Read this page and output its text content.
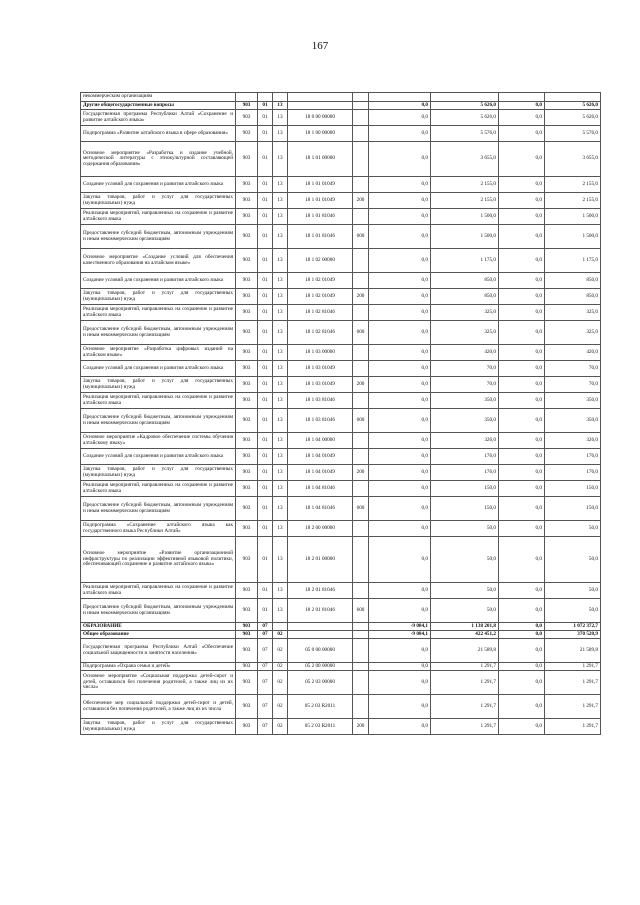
167
некоммерческим организациям									
Другие общегосударственные вопросы	903	01	13			0,0	5 626,0	0,0	5 626,0
Государственная программа Республики Алтай «Сохранение и развитие алтайского языка»	903	01	13	18 0 00 00000		0,0	5 626,0	0,0	5 626,0
Подпрограмма «Развитие алтайского языка в сфере образования»	903	01	13	18 1 00 00000		0,0	5 576,0	0,0	5 576,0
Основное мероприятие «Разработка и издание учебной, методической литературы с этнокультурной составляющей содержания образования»	903	01	13	18 1 01 00000		0,0	3 655,0	0,0	3 655,0
Создание условий для сохранения и развития алтайского языка	903	01	13	18 1 01 01049		0,0	2 155,0	0,0	2 155,0
Закупка товаров, работ и услуг для государственных (муниципальных) нужд	903	01	13	18 1 01 01049	200	0,0	2 155,0	0,0	2 155,0
Реализация мероприятий, направленных на сохранение и развитие алтайского языка	903	01	13	18 1 01 81046		0,0	1 500,0	0,0	1 500,0
Предоставление субсидий бюджетным, автономным учреждениям и иным некоммерческим организациям	903	01	13	18 1 01 81046	600	0,0	1 500,0	0,0	1 500,0
Основное мероприятие «Создание условий для обеспечения качественного образования на алтайском языке»	903	01	13	18 1 02 00000		0,0	1 175,0	0,0	1 175,0
Создание условий для сохранения и развития алтайского языка	903	01	13	18 1 02 01049		0,0	850,0	0,0	850,0
Закупка товаров, работ и услуг для государственных (муниципальных) нужд	903	01	13	18 1 02 01049	200	0,0	850,0	0,0	850,0
Реализация мероприятий, направленных на сохранение и развитие алтайского языка	903	01	13	18 1 02 81046		0,0	325,0	0,0	325,0
Предоставление субсидий бюджетным, автономным учреждениям и иным некоммерческим организациям	903	01	13	18 1 02 81046	600	0,0	325,0	0,0	325,0
Основное мероприятие «Разработка цифровых изданий на алтайском языке»	903	01	13	18 1 03 00000		0,0	420,0	0,0	420,0
Создание условий для сохранения и развития алтайского языка	903	01	13	18 1 03 01049		0,0	70,0	0,0	70,0
Закупка товаров, работ и услуг для государственных (муниципальных) нужд	903	01	13	18 1 03 01049	200	0,0	70,0	0,0	70,0
Реализация мероприятий, направленных на сохранение и развитие алтайского языка	903	01	13	18 1 03 81046		0,0	350,0	0,0	350,0
Предоставление субсидий бюджетным, автономным учреждениям и иным некоммерческим организациям	903	01	13	18 1 03 81046	600	0,0	350,0	0,0	350,0
Основное мероприятие «Кадровое обеспечение системы обучения алтайскому языку»	903	01	13	18 1 04 00000		0,0	326,0	0,0	326,0
Создание условий для сохранения и развития алтайского языка	903	01	13	18 1 04 01049		0,0	176,0	0,0	176,0
Закупка товаров, работ и услуг для государственных (муниципальных) нужд	903	01	13	18 1 04 01049	200	0,0	176,0	0,0	176,0
Реализация мероприятий, направленных на сохранение и развитие алтайского языка	903	01	13	18 1 04 81046		0,0	150,0	0,0	150,0
Предоставление субсидий бюджетным, автономным учреждениям и иным некоммерческим организациям	903	01	13	18 1 04 81046	600	0,0	150,0	0,0	150,0
Подпрограмма «Сохранение алтайского языка как государственного языка Республики Алтай»	903	01	13	18 2 00 00000		0,0	50,0	0,0	50,0
Основное мероприятие «Развитие организационной инфраструктуры по реализации эффективной языковой политики, обеспечивающей сохранение и развитие алтайского языка»	903	01	13	18 2 01 00000		0,0	50,0	0,0	50,0
Реализация мероприятий, направленных на сохранение и развитие алтайского языка	903	01	13	18 2 01 81046		0,0	50,0	0,0	50,0
Предоставление субсидий бюджетным, автономным учреждениям и иным некоммерческим организациям	903	01	13	18 2 01 81046	600	0,0	50,0	0,0	50,0
ОБРАЗОВАНИЕ	903	07				-9 084,1	1 138 201,8	0,0	1 072 372,7
Общее образование	903	07	02			-9 084,1	422 451,2	0,0	370 520,9
Государственная программа Республики Алтай «Обеспечение социальной защищенности и занятости населения»	903	07	02	05 0 00 00000		0,0	21 589,8	0,0	21 589,8
Подпрограмма «Охрана семьи и детей»	903	07	02	05 2 00 00000		0,0	1 291,7	0,0	1 291,7
Основное мероприятие «Социальная поддержка детей-сирот и детей, оставшихся без попечения родителей, а также лиц из их числа»	903	07	02	05 2 03 00000		0,0	1 291,7	0,0	1 291,7
Обеспечение мер социальной поддержки детей-сирот и детей, оставшихся без попечения родителей, а также лиц из их числа	903	07	02	05 2 03 R2011		0,0	1 291,7	0,0	1 291,7
Закупка товаров, работ и услуг для государственных (муниципальных) нужд	903	07	02	05 2 03 R2011	200	0,0	1 291,7	0,0	1 291,7
